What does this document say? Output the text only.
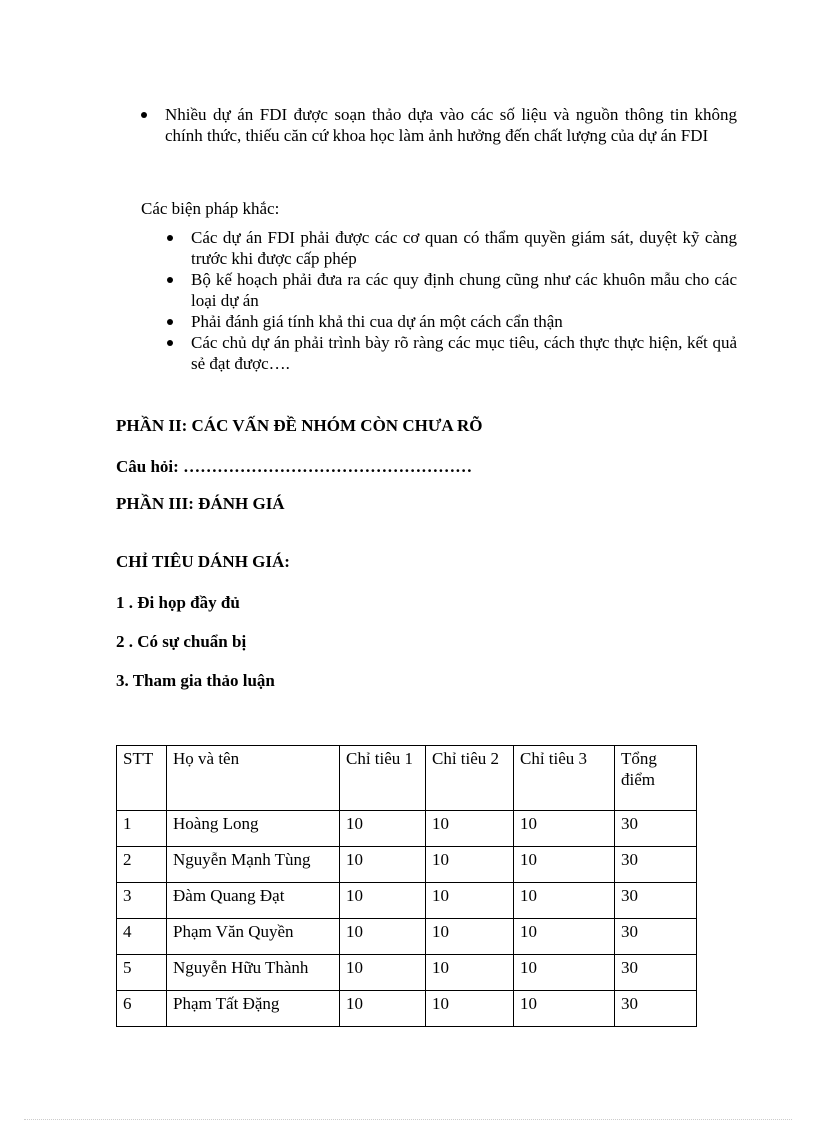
Nhiều dự án FDI được soạn thảo dựa vào các số liệu và nguồn thông tin không chính thức, thiếu căn cứ khoa học làm ảnh hưởng đến chất lượng của dự án FDI
Các biện pháp khắc:
Các dự án FDI phải được các cơ quan có thẩm quyền giám sát, duyệt kỹ càng trước khi được cấp phép
Bộ kế hoạch phải đưa ra các quy định chung cũng như các khuôn mẫu cho các loại dự án
Phải đánh giá tính khả thi cua dự án một cách cẩn thận
Các chủ dự án phải trình bày rõ ràng các mục tiêu, cách thực thực hiện, kết quả sẻ đạt được….
PHẦN II: CÁC VẤN ĐỀ NHÓM CÒN CHƯA RÕ
Câu hỏi: ……………………………………………
PHẦN III: ĐÁNH GIÁ
CHỈ TIÊU DÁNH GIÁ:
1 . Đi họp đầy đủ
2 . Có sự chuẩn bị
3. Tham gia thảo luận
STT	Họ và tên	Chỉ tiêu 1	Chỉ tiêu 2	Chỉ tiêu 3	Tổng điểm
1	Hoàng Long	10	10	10	30
2	Nguyễn Mạnh Tùng	10	10	10	30
3	Đàm Quang Đạt	10	10	10	30
4	Phạm Văn Quyền	10	10	10	30
5	Nguyễn Hữu Thành	10	10	10	30
6	Phạm Tất Đặng	10	10	10	30
